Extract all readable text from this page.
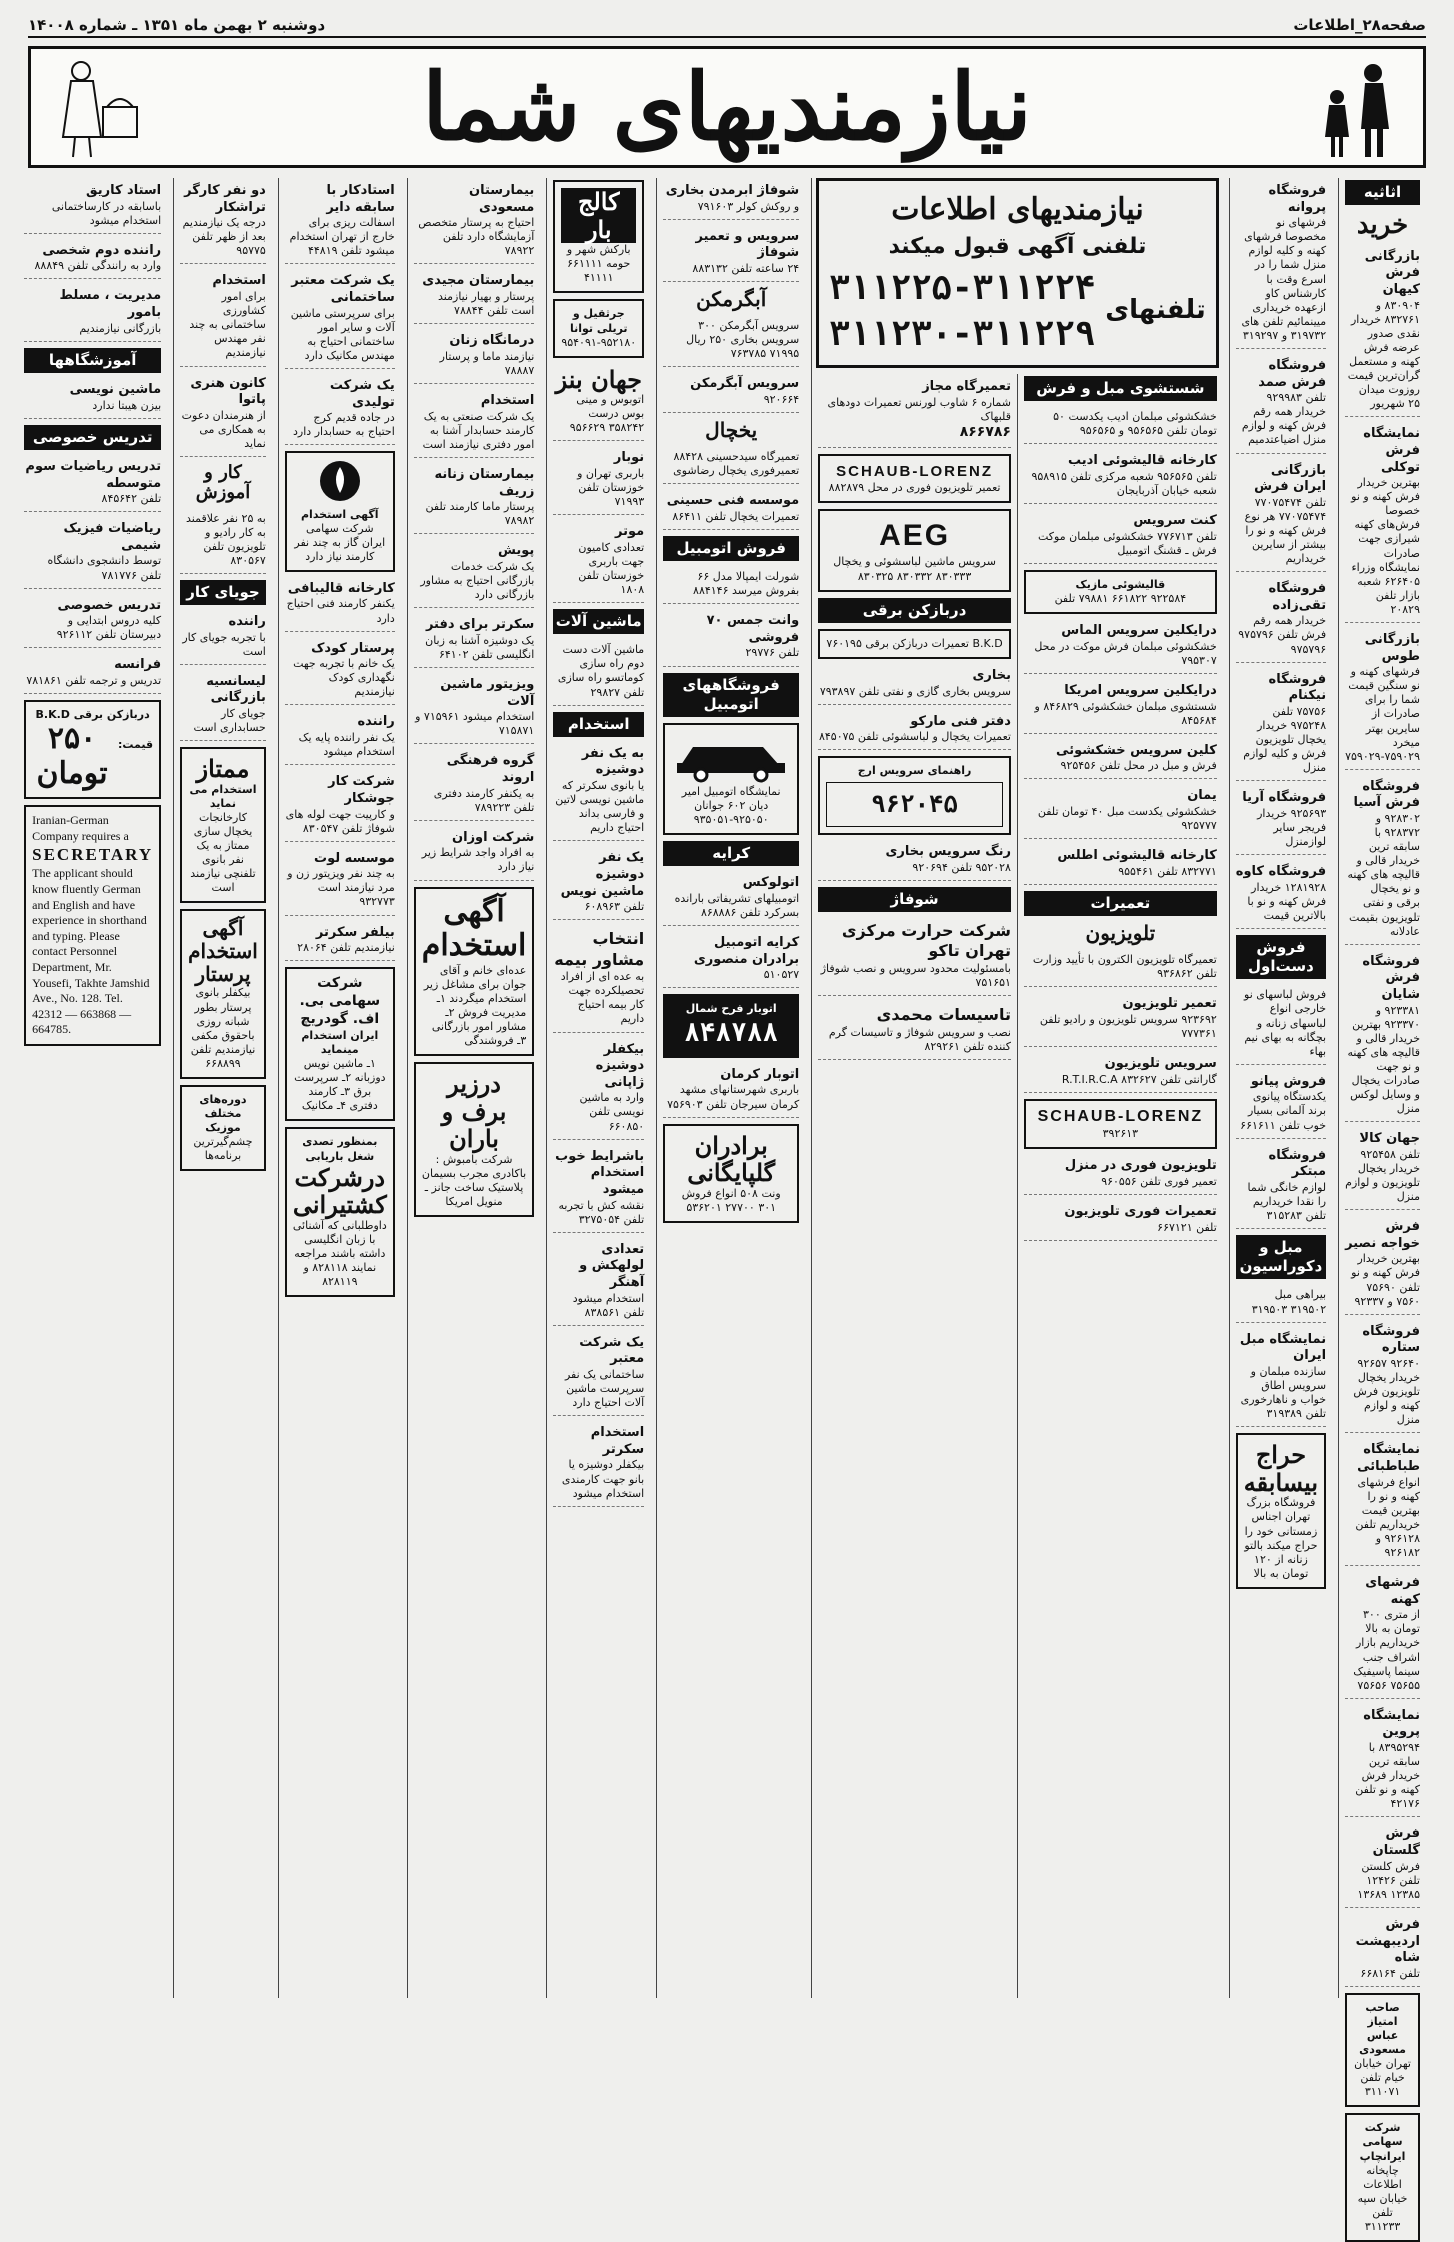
صفحه۲۸_اطلاعات
دوشنبه ۲ بهمن ماه ۱۳۵۱ ـ شماره ۱۴۰۰۸
نیازمندیهای شما
اثاثیه
خرید
بازرگانی فرش کیهان
۸۳۰۹۰۴ و ۸۳۲۷۶۱ خریدار نقدی صدور عرضه فرش کهنه و مستعمل گران‌ترین قیمت روزوت میدان ۲۵ شهریور
نمایشگاه فرش توکلی
بهترین خریدار فرش کهنه و نو خصوصا فرش‌های کهنه شیرازی جهت صادرات نمایشگاه وزراء ۶۲۶۴۰۵ شعبه بازار تلفن ۲۰۸۲۹
بازرگانی طوس
فرشهای کهنه و نو سنگین قیمت شما را برای صادرات از سایرین بهتر میخرد ۷۵۹۰۲۹-۷۵۹۰۲۹
فروشگاه فرش آسیا
۹۲۸۳۰۲ و ۹۲۸۳۷۲ با سابقه ترین خریدار قالی و قالیچه های کهنه و نو یخچال برقی و نفتی تلویزیون بقیمت عادلانه
فروشگاه فرش شایان
۹۲۳۳۸۱ و ۹۲۳۳۷۰ بهترین خریدار قالی و قالیچه های کهنه و نو جهت صادرات یخچال و وسایل لوکس منزل
جهان کالا
تلفن ۹۲۵۴۵۸ خریدار یخچال تلویزیون و لوازم منزل
فرش خواجه نصیر
بهترین خریدار فرش کهنه و نو تلفن ۷۵۶۹۰ ۷۵۶۰ و ۹۲۳۳۷
فروشگاه ستاره
۹۲۶۴۰ ۹۲۶۵۷ خریدار یخچال تلویزیون فرش کهنه و لوازم منزل
نمایشگاه طباطبائی
انواع فرشهای کهنه و نو را بهترین قیمت خریداریم تلفن ۹۲۶۱۲۸ و ۹۲۶۱۸۲
فرشهای کهنه
از متری ۳۰۰ تومان به بالا خریداریم بازار اشراف جنب سینما پاسیفیک ۷۵۶۵۵ ۷۵۶۵۶
نمایشگاه پروین
۸۳۹۵۲۹۴ با سابقه ترین خریدار فرش کهنه و نو تلفن ۴۲۱۷۶
فرش گلستان
فرش کلستن تلفن ۱۲۴۲۶ ۱۲۳۸۵ ۱۳۶۸۹
فرش اردیبهشت شاه
تلفن ۶۶۸۱۶۴
صاحب امتیاز عباس مسعودی
تهران خیابان خیام تلفن ۳۱۱۰۷۱
شرکت سهامی ایرانچاپ
چاپخانه اطلاعات خیابان سپه تلفن ۳۱۱۲۳۳
فروشگاه پروانه
فرشهای نو مخصوصا فرشهای کهنه و کلیه لوازم منزل شما را در اسرع وقت با کارشناس کاو ازعهده خریداری میینمائیم تلفن های ۳۱۹۷۳۲ و ۳۱۹۲۹۷
فروشگاه فرش صمد
تلفن ۹۲۹۹۸۳ خریدار همه رقم فرش کهنه و لوازم منزل اضیاعتدمیم
بازرگانی ایران فرش
تلفن ۷۷۰۷۵۴۷۴ ۷۷۰۷۵۴۷۴ هر نوع فرش کهنه و نو را بیشتر از سایرین خریداریم
فروشگاه تقی‌زاده
خریدار همه رقم فرش تلفن ۹۷۵۷۹۶ ۹۷۵۷۹۶
فروشگاه نیکنام
۷۵۷۵۶ تلفن ۹۷۵۲۴۸ خریدار یخچال تلویزیون فرش و کلیه لوازم منزل
فروشگاه آریا
۹۲۵۶۹۳ خریدار فریجر سایر لوازمنزل
فروشگاه کاوه
۱۲۸۱۹۲۸ خریدار فرش کهنه و نو با بالاترین قیمت
فروش دست‌اول
فروش لباسهای نو خارجی انواع لباسهای زنانه و بچگانه به بهای نیم بهاء
فروش پیانو
یکدستگاه پیانوی برند آلمانی بسیار خوب تلفن ۶۶۱۶۱۱
فروشگاه مبتکر
لوازم خانگی شما را نقدا خریداریم تلفن ۳۱۵۲۸۳
مبل و دکوراسیون
بیراهی مبل ۳۱۹۵۰۲ ۳۱۹۵۰۳
نمایشگاه مبل ایران
سازنده مبلمان و سرویس اطاق خواب و ناهارخوری تلفن ۳۱۹۳۸۹
حراج بیسابقه
فروشگاه بزرگ تهران اجناس زمستانی خود را حراج میکند بالتو زنانه از ۱۲۰ تومان به بالا
نیازمندیهای اطلاعات
تلفنی آگهی قبول میکند
تلفنهای
۳۱۱۲۲۵-۳۱۱۲۲۴
۳۱۱۲۳۰-۳۱۱۲۲۹
شستشوی مبل و فرش
خشکشوئی مبلمان ادیب یکدست ۵۰ تومان تلفن ۹۵۶۵۶۵ و ۹۵۶۵۶۵
کارخانه قالیشوئی ادیب
تلفن ۹۵۶۵۶۵ شعبه مرکزی تلفن ۹۵۸۹۱۵ شعبه خیابان آذربایجان
کنت سرویس
تلفن ۷۷۶۷۱۳ خشکشوئی مبلمان موکت فرش ـ قشنگ اتومبیل
قالیشوئی مازیک
۹۲۲۵۸۴ ۶۶۱۸۲۲ ۷۹۸۸۱ تلفن
درایکلین سرویس الماس
خشکشوئی مبلمان فرش موکت در محل ۷۹۵۳۰۷
درایکلین سرویس امریکا
شستشوی مبلمان خشکشوئی ۸۴۶۸۲۹ و ۸۴۵۶۸۴
کلین سرویس خشکشوئی
فرش و مبل در محل تلفن ۹۲۵۴۵۶
یمان
خشکشوئی یکدست مبل ۴۰ تومان تلفن ۹۲۵۷۷۷
کارخانه قالیشوئی اطلس
۸۳۲۷۷۱ تلفن ۹۵۵۴۶۱
تعمیرات
تلویزیون
تعمیرگاه تلویزیون الکترون با تأیید وزارت تلفن ۹۳۶۸۶۲
تعمیر تلویزیون
۹۲۳۶۹۲ سرویس تلویزیون و رادیو تلفن ۷۷۷۳۶۱
سرویس تلویزیون
گارانتی تلفن ۸۳۲۶۲۷ R.T.I.R.C.A
SCHAUB-LORENZ
۳۹۲۶۱۳
تلویزیون فوری در منزل
تعمیر فوری تلفن ۹۶۰۵۵۶
تعمیرات فوری تلویزیون
تلفن ۶۶۷۱۲۱
تعمیرگاه مجاز
شماره ۶ شاوب لورنس تعمیرات دودهای قلبهاک
۸۶۶۷۸۶
SCHAUB-LORENZ
تعمیر تلویزیون فوری در محل ۸۸۲۸۷۹
AEG
سرویس ماشین لباسشوئی و یخچال ۸۳۰۳۳۳ ۸۳۰۳۳۲ ۸۳۰۳۲۵
دربازکن برقی
B.K.D تعمیرات دربازکن برقی ۷۶۰۱۹۵
بخاری
سرویس بخاری گازی و نفتی تلفن ۷۹۳۸۹۷
دفتر فنی مارکو
تعمیرات یخچال و لباسشوئی تلفن ۸۴۵۰۷۵
راهنمای سرویس ارج
۹۶۲۰۴۵
رنگ سرویس بخاری
۹۵۲۰۲۸ تلفن ۹۲۰۶۹۴
شوفاژ
شرکت حرارت مرکزی تهران تاکو
بامسئولیت محدود سرویس و نصب شوفاژ ۷۵۱۶۵۱
تاسیسات محمدی
نصب و سرویس شوفاژ و تاسیسات گرم کننده تلفن ۸۲۹۲۶۱
شوفاژ ابرمدن بخاری
و روکش کولر ۷۹۱۶۰۳
سرویس و تعمیر شوفاژ
۲۴ ساعته تلفن ۸۸۳۱۳۲
آبگرمکن
سرویس آبگرمکن ۳۰۰ سرویس بخاری ۲۵۰ ریال ۷۱۹۹۵ ۷۶۳۷۸۵
سرویس آبگرمکن
۹۲۰۶۶۴
یخچال
تعمیرگاه سیدحسینی ۸۸۴۲۸ تعمیرفوری یخچال رضاشوی
موسسه فنی حسینی
تعمیرات یخچال تلفن ۸۶۴۱۱
فروش اتومبیل
شورلت ایمپالا مدل ۶۶ بفروش میرسد ۸۸۴۱۴۶
وانت جمس ۷۰ فروشی
تلفن ۲۹۷۷۶
فروشگاههای اتومبیل
نمایشگاه اتومبیل امیر دیان ۶۰۲ جوانان ۹۲۵۰۵۰-۹۳۵۰۵۱
کرایه
اتولوکس
اتومبیلهای تشریفاتی بارانده بسرکرد تلفن ۸۶۸۸۸۶
کرایه اتومبیل برادران منصوری
۵۱۰۵۲۷
اتوبار فرح شمال
۸۴۸۷۸۸
اتوبار کرمان
باربری شهرستانهای مشهد کرمان سیرجان تلفن ۷۵۶۹۰۳
برادران گلپایگانی
ونت ۵۰۸ انواع فروش ۳۰۱ ۲۷۷۰۰ ۵۳۶۲۰۱
کالج بار
بارکش شهر و حومه ۶۶۱۱۱۱ ۴۱۱۱۱
جرثقیل و تریلی توانا
۹۵۴۰۹۱-۹۵۲۱۸۰
جهان بنز
اتوبوس و مینی بوس درست ۳۵۸۲۴۲ ۹۵۶۶۲۹
نوبار
باربری تهران و خوزستان تلفن ۷۱۹۹۳
موتر
تعدادی کامیون جهت باربری خوزستان تلفن ۱۸۰۸
ماشین آلات
ماشین آلات دست دوم راه سازی کوماتسو راه سازی تلفن ۲۹۸۲۷
استخدام
به یک نفر دوشیزه
یا بانوی سکرتر که ماشین نویسی لاتین و فارسی بداند احتیاج داریم
یک نفر دوشیزه ماشین نویس
تلفن ۶۰۸۹۶۳
انتخاب مشاور بیمه
به عده ای از افراد تحصیلکرده جهت کار بیمه احتیاج داریم
بیکفلر دوشیزه ژاپانی
وارد به ماشین نویسی تلفن ۶۶۰۸۵۰
باشرایط خوب استخدام میشود
نقشه کش با تجربه تلفن ۳۲۷۵۰۵۴
تعدادی لولهکش و آهنگر
استخدام میشود تلفن ۸۳۸۵۶۱
یک شرکت معتبر
ساختمانی یک نفر سرپرست ماشین آلات احتیاج دارد
استخدام سکرتر
بیکفلر دوشیزه یا بانو جهت کارمندی استخدام میشود
بیمارستان مسعودی
احتیاج به پرستار متخصص آزمایشگاه دارد تلفن ۷۸۹۲۲
بیمارستان مجیدی
پرستار و بهیار نیازمند است تلفن ۷۸۸۴۴
درمانگاه زنان
نیازمند ماما و پرستار ۷۸۸۸۷
استخدام
یک شرکت صنعتی به یک کارمند حسابدار آشنا به امور دفتری نیازمند است
بیمارستان زنانه زریف
پرستار ماما کارمند تلفن ۷۸۹۸۲
پویش
یک شرکت خدمات بازرگانی احتیاج به مشاور بازرگانی دارد
سکرتر برای دفتر
یک دوشیزه آشنا به زبان انگلیسی تلفن ۶۴۱۰۲
ویزیتور ماشین آلات
استخدام میشود ۷۱۵۹۶۱ و ۷۱۵۸۷۱
گروه فرهنگی اروند
به یکنفر کارمند دفتری تلفن ۷۸۹۲۲۳
شرکت اوزان
به افراد واجد شرایط زیر نیاز دارد
آگهی استخدام
عده‌ای خانم و آقای جوان برای مشاغل زیر استخدام میگردند ۱ـ مدیریت فروش ۲ـ مشاور امور بازرگانی ۳ـ فروشندگی
درزیر برف و باران
شرکت بامبوش : باکادری مجرب بسیمان پلاستیک ساخت جانز ـ منویل امریکا
استادکار با سابقه دایر
اسفالت ریزی برای خارج از تهران استخدام میشود تلفن ۴۴۸۱۹
یک شرکت معتبر ساختمانی
برای سرپرستی ماشین آلات و سایر امور ساختمانی احتیاج به مهندس مکانیک دارد
یک شرکت تولیدی
در جاده قدیم کرج احتیاج به حسابدار دارد
آگهی استخدام
شرکت سهامی ایران گاز به چند نفر کارمند نیاز دارد
کارخانه قالیبافی
یکنفر کارمند فنی احتیاج دارد
پرستار کودک
یک خانم با تجربه جهت نگهداری کودک نیازمندیم
راننده
یک نفر راننده پایه یک استخدام میشود
شرکت کار جوشکار
و کارپیت جهت لوله های شوفاژ تلفن ۸۳۰۵۴۷
موسسه لوت
به چند نفر ویزیتور زن و مرد نیازمند است ۹۳۲۷۷۳
بیلفر سکرتر
نیازمندیم تلفن ۲۸۰۶۴
شرکت سهامی بی. اف. گودریچ
ایران استخدام مینماید
۱ـ ماشین نویس دوزبانه ۲ـ سرپرست برق ۳ـ کارمند دفتری ۴ـ مکانیک
بمنظور تصدی شغل باریابی
درشرکت کشتیرانی
داوطلبانی که آشنائی با زبان انگلیسی داشته باشند مراجعه نمایند ۸۲۸۱۱۸ و ۸۲۸۱۱۹
دو نفر کارگر تراشکار
درجه یک نیازمندیم بعد از ظهر تلفن ۹۵۷۷۵
استخدام
برای امور کشاورزی ساختمانی به چند نفر مهندس نیازمندیم
کانون هنری پاتوا
از هنرمندان دعوت به همکاری می نماید
کار و آموزش
به ۲۵ نفر علاقمند به کار رادیو و تلویزیون تلفن ۸۳۰۵۶۷
جویای کار
راننده
با تجربه جویای کار است
لیسانسیه بازرگانی
جویای کار حسابداری است
ممتاز
استخدام می نماید
کارخانجات یخچال سازی ممتاز به یک نفر بانوی تلفنچی نیازمند است
آگهی استخدام پرستار
بیکفلر بانوی پرستار بطور شبانه روزی باحقوق مکفی نیازمندیم تلفن ۶۶۸۸۹۹
دوره‌های مختلف موزیک
چشم‌گیرترین برنامه‌ها
استاد کاریق
باسابقه در کارساختمانی استخدام میشود
راننده دوم شخصی
وارد به رانندگی تلفن ۸۸۸۴۹
مدیریت ، مسلط بامور
بازرگانی نیازمندیم
آموزشگاهها
ماشین نویسی
بیزن هیبتا ندارد
تدریس خصوصی
تدریس ریاضیات سوم متوسطه
تلفن ۸۴۵۶۴۲
ریاضیات فیزیک شیمی
توسط دانشجوی دانشگاه تلفن ۷۸۱۷۷۶
تدریس خصوصی
کلیه دروس ابتدایی و دبیرستان تلفن ۹۲۶۱۱۲
فرانسه
تدریس و ترجمه تلفن ۷۸۱۸۶۱
دربازکن برقی B.K.D
قیمت:
۲۵۰ تومان
Iranian-German Company requires a
SECRETARY
The applicant should know fluently German and English and have experience in shorthand and typing. Please contact Personnel Department, Mr. Yousefi, Takhte Jamshid Ave., No. 128. Tel. 42312 — 663868 — 664785.
